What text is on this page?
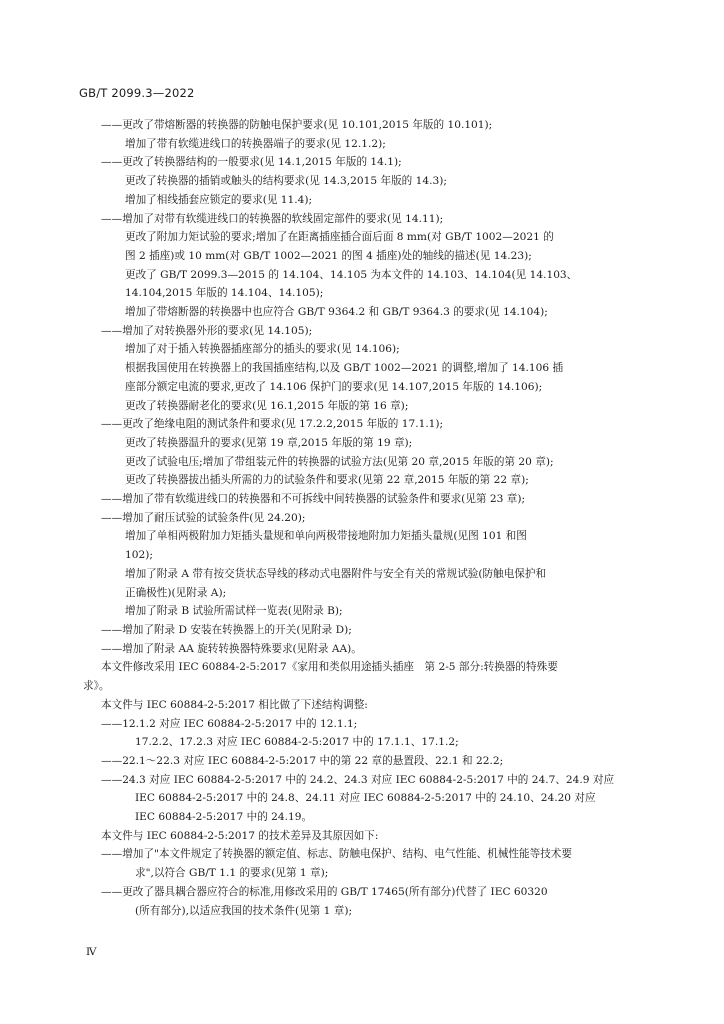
GB/T 2099.3—2022
——更改了带熔断器的转换器的防触电保护要求(见 10.101,2015 年版的 10.101);
增加了带有软缆进线口的转换器端子的要求(见 12.1.2);
——更改了转换器结构的一般要求(见 14.1,2015 年版的 14.1);
更改了转换器的插销或触头的结构要求(见 14.3,2015 年版的 14.3);
增加了相线插套应锁定的要求(见 11.4);
——增加了对带有软缆进线口的转换器的软线固定部件的要求(见 14.11);
更改了附加力矩试验的要求;增加了在距离插座插合面后面 8 mm(对 GB/T 1002—2021 的
图 2 插座)或 10 mm(对 GB/T 1002—2021 的图 4 插座)处的轴线的描述(见 14.23);
更改了 GB/T 2099.3—2015 的 14.104、14.105 为本文件的 14.103、14.104(见 14.103、
14.104,2015 年版的 14.104、14.105);
增加了带熔断器的转换器中也应符合 GB/T 9364.2 和 GB/T 9364.3 的要求(见 14.104);
——增加了对转换器外形的要求(见 14.105);
增加了对于插入转换器插座部分的插头的要求(见 14.106);
根据我国使用在转换器上的我国插座结构,以及 GB/T 1002—2021 的调整,增加了 14.106 插
座部分额定电流的要求,更改了 14.106 保护门的要求(见 14.107,2015 年版的 14.106);
更改了转换器耐老化的要求(见 16.1,2015 年版的第 16 章);
——更改了绝缘电阻的测试条件和要求(见 17.2.2,2015 年版的 17.1.1);
更改了转换器温升的要求(见第 19 章,2015 年版的第 19 章);
更改了试验电压;增加了带组装元件的转换器的试验方法(见第 20 章,2015 年版的第 20 章);
更改了转换器拔出插头所需的力的试验条件和要求(见第 22 章,2015 年版的第 22 章);
——增加了带有软缆进线口的转换器和不可拆线中间转换器的试验条件和要求(见第 23 章);
——增加了耐压试验的试验条件(见 24.20);
增加了单相两极附加力矩插头量规和单向两极带接地附加力矩插头量规(见图 101 和图
102);
增加了附录 A 带有按交货状态导线的移动式电器附件与安全有关的常规试验(防触电保护和
正确极性)(见附录 A);
增加了附录 B 试验所需试样一览表(见附录 B);
——增加了附录 D 安装在转换器上的开关(见附录 D);
——增加了附录 AA 旋转转换器特殊要求(见附录 AA)。
本文件修改采用 IEC 60884-2-5:2017《家用和类似用途插头插座　第 2-5 部分:转换器的特殊要
求》。
本文件与 IEC 60884-2-5:2017 相比做了下述结构调整:
——12.1.2 对应 IEC 60884-2-5:2017 中的 12.1.1;
17.2.2、17.2.3 对应 IEC 60884-2-5:2017 中的 17.1.1、17.1.2;
——22.1～22.3 对应 IEC 60884-2-5:2017 中的第 22 章的悬置段、22.1 和 22.2;
——24.3 对应 IEC 60884-2-5:2017 中的 24.2、24.3 对应 IEC 60884-2-5:2017 中的 24.7、24.9 对应
IEC 60884-2-5:2017 中的 24.8、24.11 对应 IEC 60884-2-5:2017 中的 24.10、24.20 对应
IEC 60884-2-5:2017 中的 24.19。
本文件与 IEC 60884-2-5:2017 的技术差异及其原因如下:
——增加了"本文件规定了转换器的额定值、标志、防触电保护、结构、电气性能、机械性能等技术要
求",以符合 GB/T 1.1 的要求(见第 1 章);
——更改了器具耦合器应符合的标准,用修改采用的 GB/T 17465(所有部分)代替了 IEC 60320
(所有部分),以适应我国的技术条件(见第 1 章);
Ⅳ
